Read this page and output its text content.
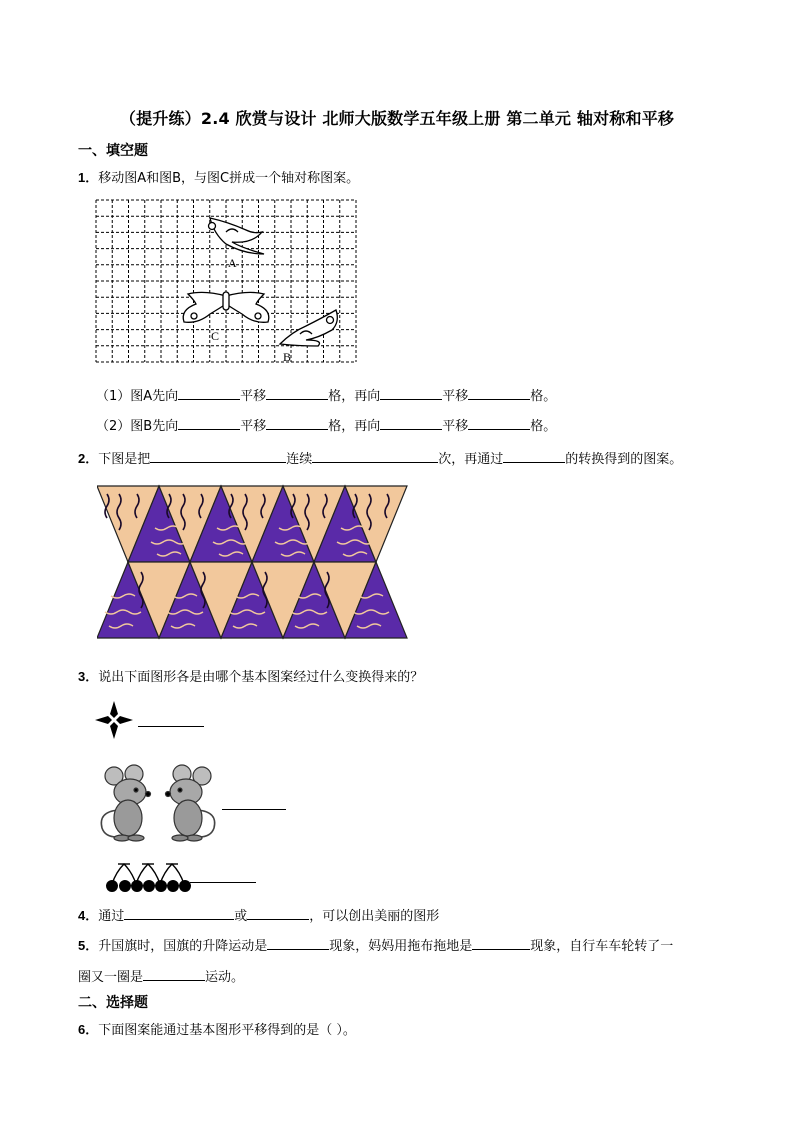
（提升练）2.4 欣赏与设计 北师大版数学五年级上册 第二单元 轴对称和平移
一、填空题
1．移动图A和图B，与图C拼成一个轴对称图案。
A
C
B
（1）图A先向	平移	格，再向	平移	格。
（2）图B先向	平移	格，再向	平移	格。
2．下图是把	连续	次，再通过	的转换得到的图案。
3．说出下面图形各是由哪个基本图案经过什么变换得来的？
4．通过	或	，可以创出美丽的图形
5．升国旗时，国旗的升降运动是	现象，妈妈用拖布拖地是	现象，自行车车轮转了一
圈又一圈是	运动。
二、选择题
6．下面图案能通过基本图形平移得到的是（ ）。
